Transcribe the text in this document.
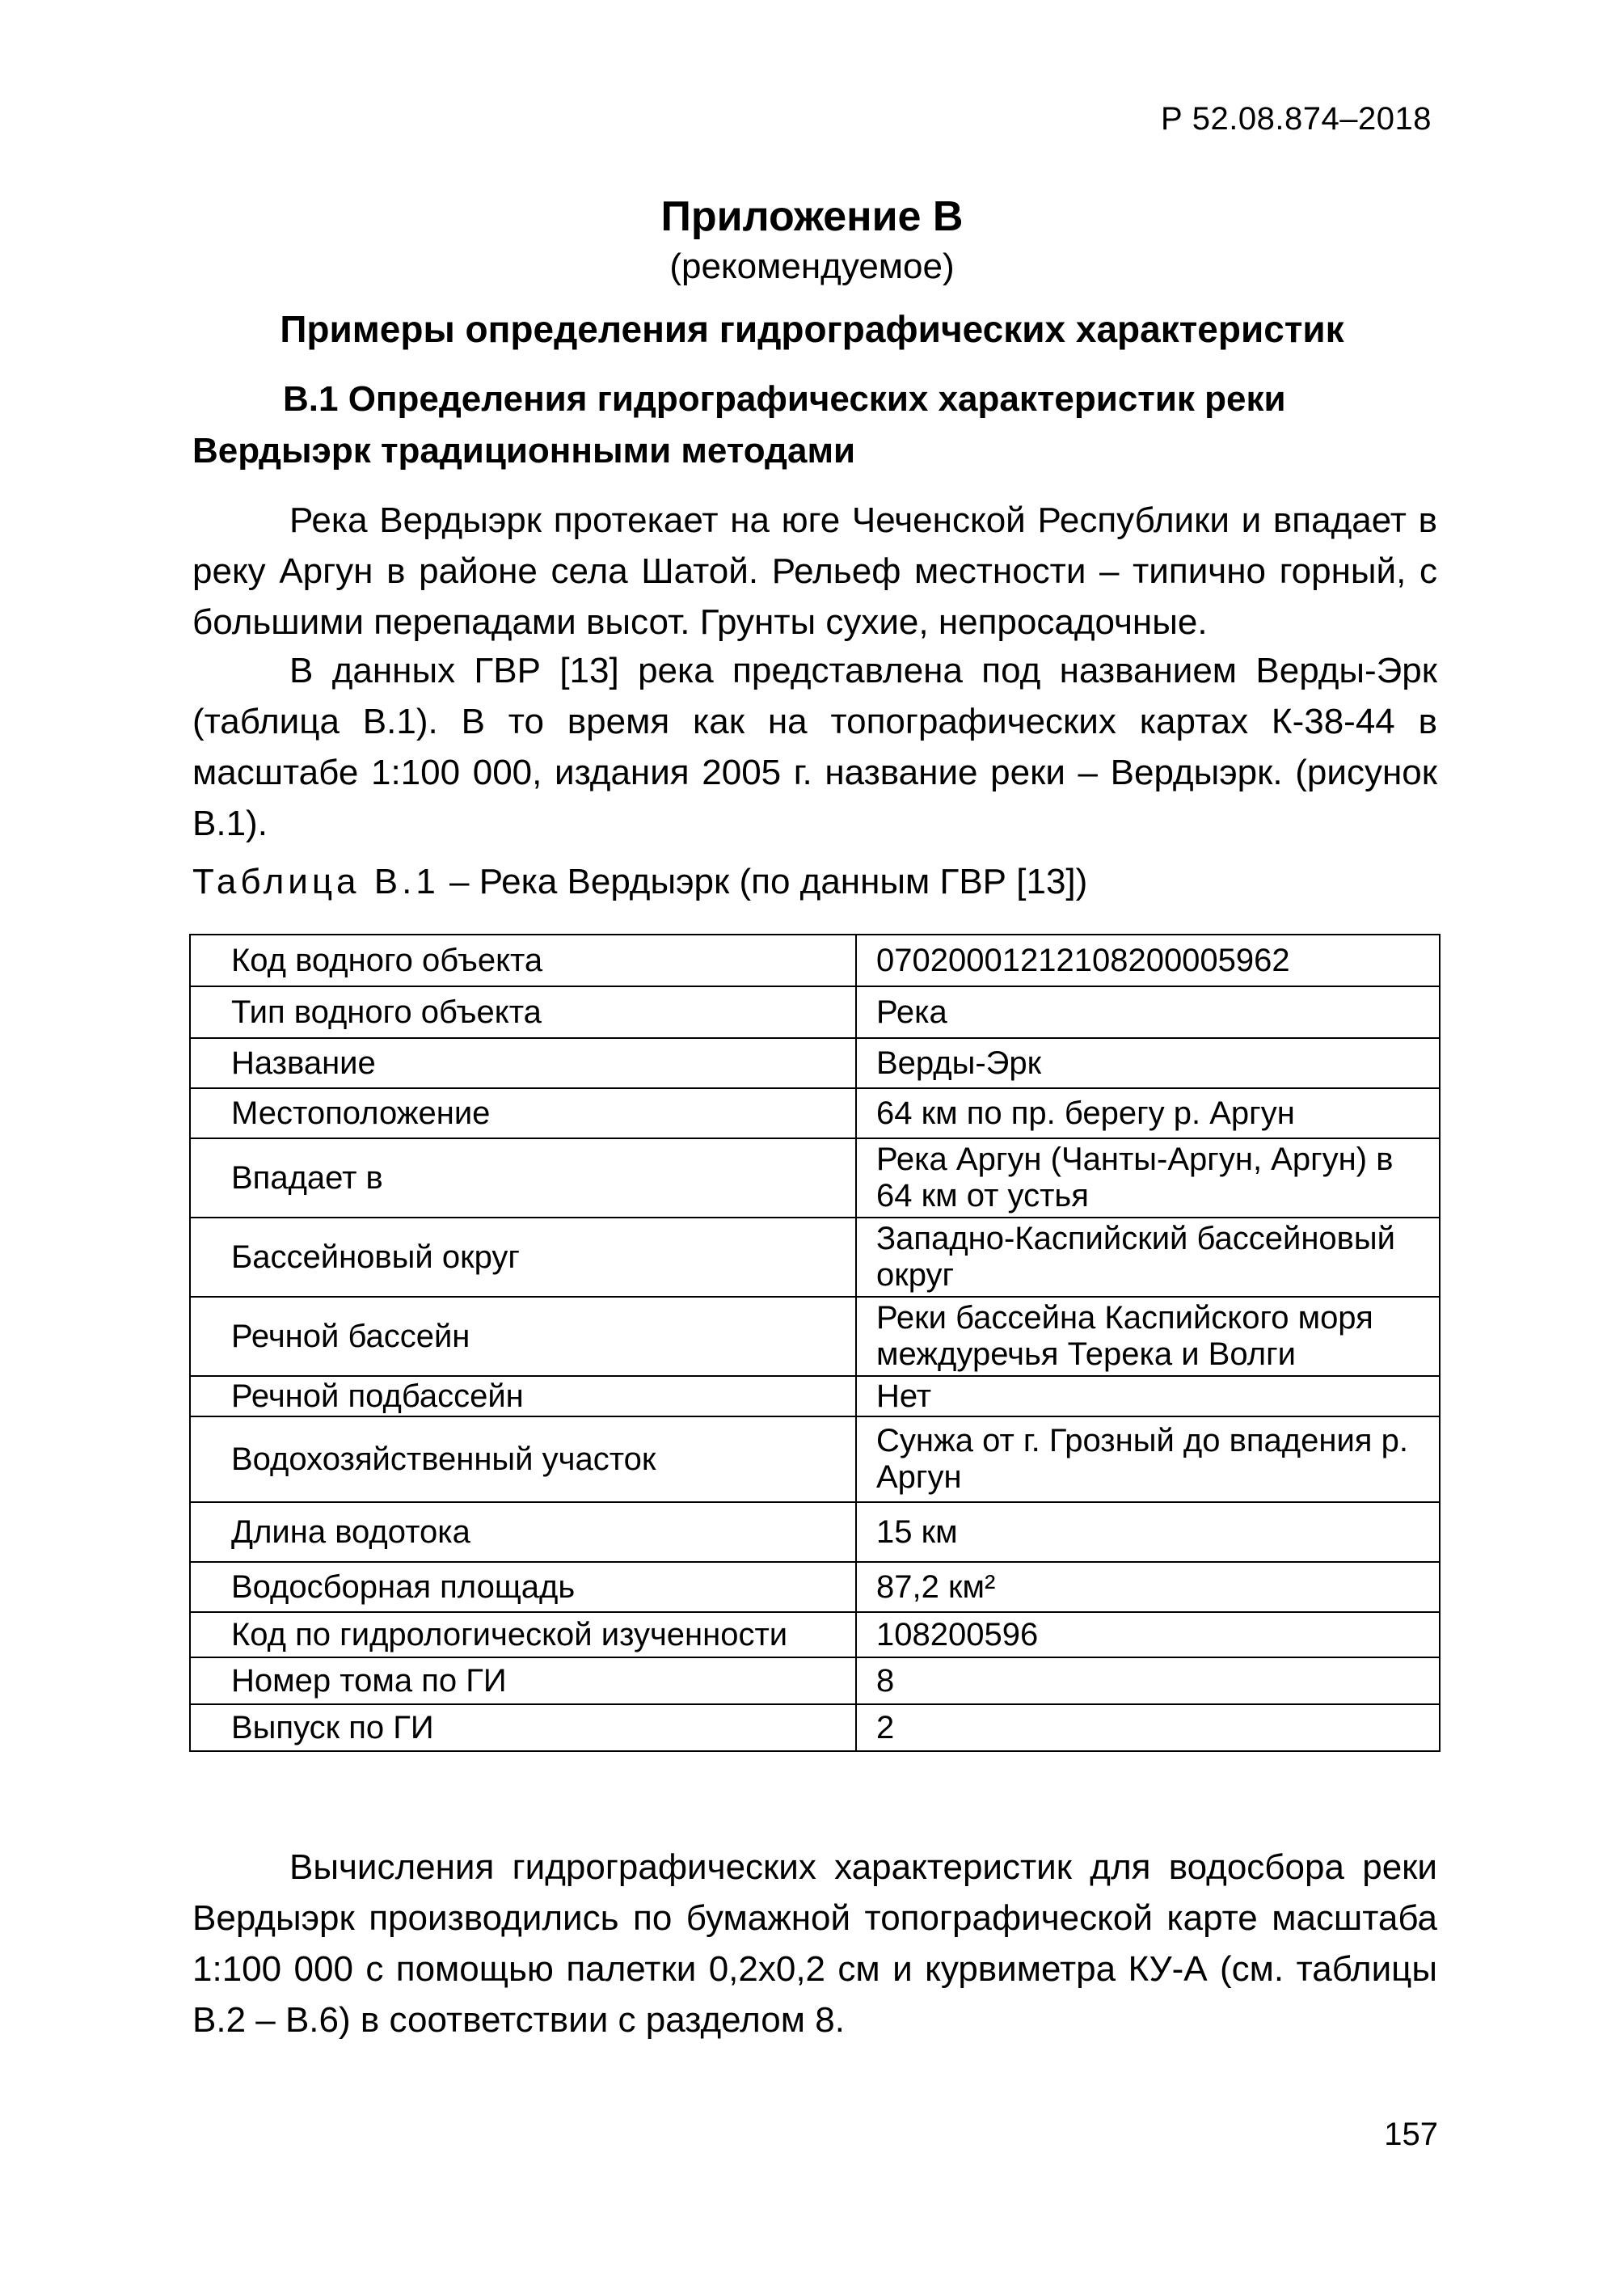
Р 52.08.874–2018
Приложение В
(рекомендуемое)
Примеры определения гидрографических характеристик
В.1 Определения гидрографических характеристик реки Вердыэрк традиционными методами

Река Вердыэрк протекает на юге Чеченской Республики и впадает в реку Аргун в районе села Шатой. Рельеф местности – типично горный, с большими перепадами высот. Грунты сухие, непросадочные.

В данных ГВР [13] река представлена под названием Верды-Эрк (таблица В.1). В то время как на топографических картах К-38-44 в масштабе 1:100 000, издания 2005 г. название реки – Вердыэрк. (рисунок В.1).

Таблица В.1 – Река Вердыэрк (по данным ГВР [13])
Код водного объекта	07020001212108200005962
Тип водного объекта	Река
Название	Верды-Эрк
Местоположение	64 км по пр. берегу р. Аргун
Впадает в	Река Аргун (Чанты-Аргун, Аргун) в 64 км от устья
Бассейновый округ	Западно-Каспийский бассейновый округ
Речной бассейн	Реки бассейна Каспийского моря междуречья Терека и Волги
Речной подбассейн	Нет
Водохозяйственный участок	Сунжа от г. Грозный до впадения р. Аргун
Длина водотока	15 км
Водосборная площадь	87,2 км²
Код по гидрологической изученности	108200596
Номер тома по ГИ	8
Выпуск по ГИ	2

Вычисления гидрографических характеристик для водосбора реки Вердыэрк производились по бумажной топографической карте масштаба 1:100 000 с помощью палетки 0,2х0,2 см и курвиметра КУ-А (см. таблицы В.2 – В.6) в соответствии с разделом 8.

157
